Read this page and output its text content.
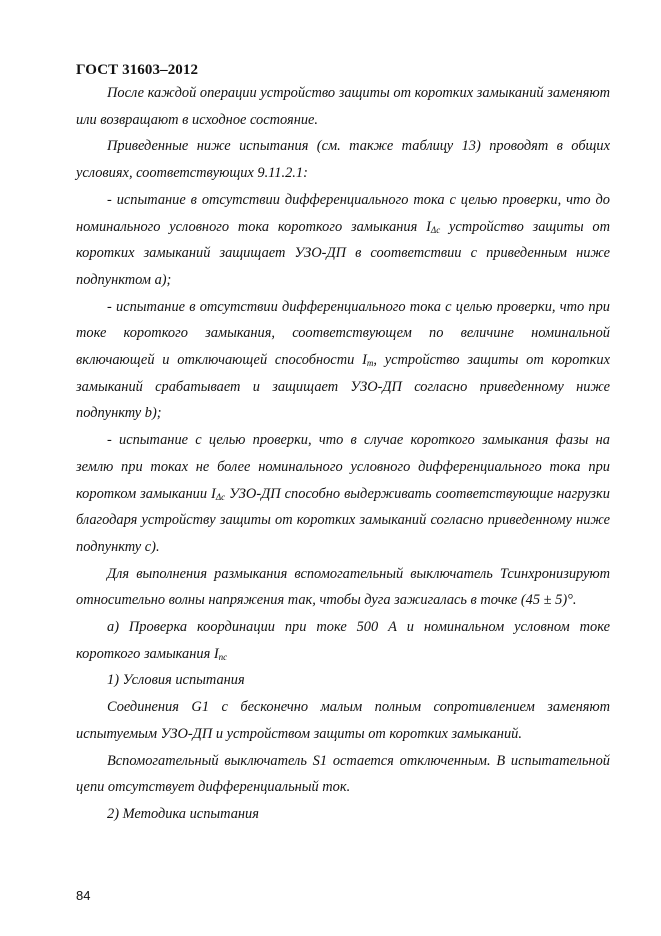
ГОСТ 31603–2012

После каждой операции устройство защиты от коротких замыканий заменяют или возвращают в исходное состояние.

Приведенные ниже испытания (см. также таблицу 13) проводят в общих условиях, соответствующих 9.11.2.1:

- испытание в отсутствии дифференциального тока с целью проверки, что до номинального условного тока короткого замыкания $I_{\Delta c}$ устройство защиты от коротких замыканий защищает УЗО-ДП в соответствии с приведенным ниже подпунктом а);

- испытание в отсутствии дифференциального тока с целью проверки, что при токе короткого замыкания, соответствующем по величине номинальной включающей и отключающей способности $I_т$, устройство защиты от коротких замыканий срабатывает и защищает УЗО-ДП согласно приведенному ниже подпункту b);

- испытание с целью проверки, что в случае короткого замыкания фазы на землю при токах не более номинального условного дифференциального тока при коротком замыкании $I_{\Delta c}$ УЗО-ДП способно выдерживать соответствующие нагрузки благодаря устройству защиты от коротких замыканий согласно приведенному ниже подпункту с).

Для выполнения размыкания вспомогательный выключатель Тсинхронизируют относительно волны напряжения так, чтобы дуга зажигалась в точке (45 ± 5)°.

а) Проверка координации при токе 500 А и номинальном условном токе короткого замыкания $I_{nc}$

1) Условия испытания

Соединения G1 с бесконечно малым полным сопротивлением заменяют испытуемым УЗО-ДП и устройством защиты от коротких замыканий.

Вспомогательный выключатель S1 остается отключенным. В испытательной цепи отсутствует дифференциальный ток.

2) Методика испытания

84
